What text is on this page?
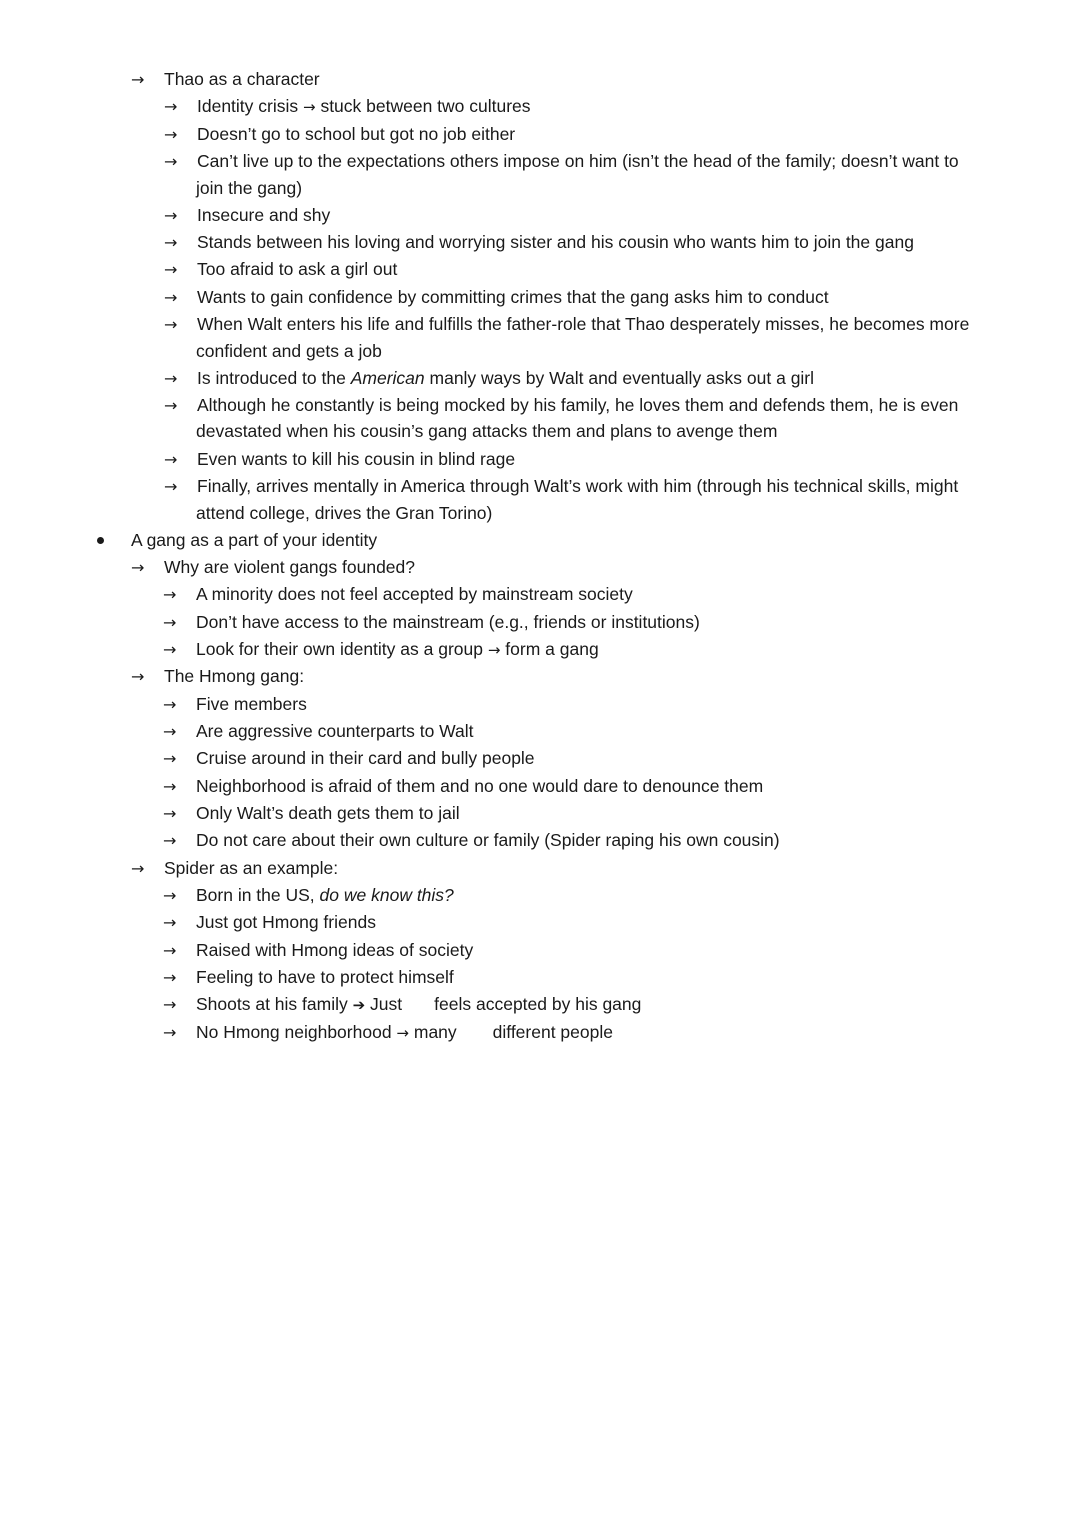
→	Thao as a character
→	Identity crisis → stuck between two cultures
→	Doesn’t go to school but got no job either
→	Can’t live up to the expectations others impose on him (isn’t the head of the family; doesn’t want to
join the gang)
→	Insecure and shy
→	Stands between his loving and worrying sister and his cousin who wants him to join the gang
→	Too afraid to ask a girl out
→	Wants to gain confidence by committing crimes that the gang asks him to conduct
→	When Walt enters his life and fulfills the father-role that Thao desperately misses, he becomes more
confident and gets a job
→	Is introduced to the American manly ways by Walt and eventually asks out a girl
→	Although he constantly is being mocked by his family, he loves them and defends them, he is even
devastated when his cousin’s gang attacks them and plans to avenge them
→	Even wants to kill his cousin in blind rage
→	Finally, arrives mentally in America through Walt’s work with him (through his technical skills, might
attend college, drives the Gran Torino)
A gang as a part of your identity
→	Why are violent gangs founded?
→	A minority does not feel accepted by mainstream society
→	Don’t have access to the mainstream (e.g., friends or institutions)
→	Look for their own identity as a group → form a gang
→	The Hmong gang:
→	Five members
→	Are aggressive counterparts to Walt
→	Cruise around in their card and bully people
→	Neighborhood is afraid of them and no one would dare to denounce them
→	Only Walt’s death gets them to jail
→	Do not care about their own culture or family (Spider raping his own cousin)
→	Spider as an example:
→	Born in the US, do we know this?
→	Just got Hmong friends
→	Raised with Hmong ideas of society
→	Feeling to have to protect himself
→	Shoots at his family ➔ Just feels accepted by his gang
→	No Hmong neighborhood → many different people
